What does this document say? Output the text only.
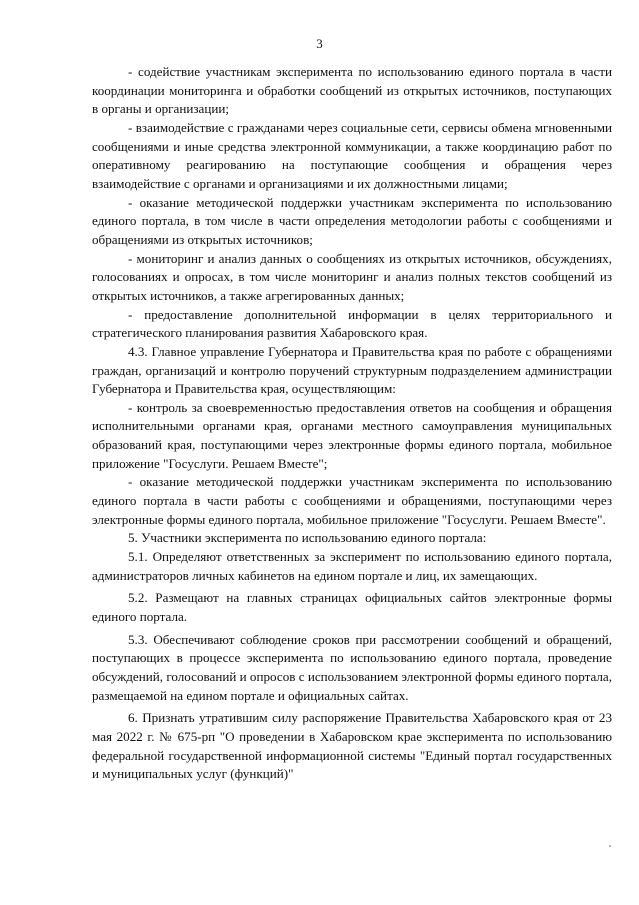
3

- содействие участникам эксперимента по использованию единого портала в части координации мониторинга и обработки сообщений из открытых источников, поступающих в органы и организации;

- взаимодействие с гражданами через социальные сети, сервисы обмена мгновенными сообщениями и иные средства электронной коммуникации, а также координацию работ по оперативному реагированию на поступающие сообщения и обращения через взаимодействие с органами и организациями и их должностными лицами;

- оказание методической поддержки участникам эксперимента по использованию единого портала, в том числе в части определения методологии работы с сообщениями и обращениями из открытых источников;

- мониторинг и анализ данных о сообщениях из открытых источников, обсуждениях, голосованиях и опросах, в том числе мониторинг и анализ полных текстов сообщений из открытых источников, а также агрегированных данных;

- предоставление дополнительной информации в целях территориального и стратегического планирования развития Хабаровского края.

4.3. Главное управление Губернатора и Правительства края по работе с обращениями граждан, организаций и контролю поручений структурным подразделением администрации Губернатора и Правительства края, осуществляющим:

- контроль за своевременностью предоставления ответов на сообщения и обращения исполнительными органами края, органами местного самоуправления муниципальных образований края, поступающими через электронные формы единого портала, мобильное приложение "Госуслуги. Решаем Вместе";

- оказание методической поддержки участникам эксперимента по использованию единого портала в части работы с сообщениями и обращениями, поступающими через электронные формы единого портала, мобильное приложение "Госуслуги. Решаем Вместе".

5. Участники эксперимента по использованию единого портала:

5.1. Определяют ответственных за эксперимент по использованию единого портала, администраторов личных кабинетов на едином портале и лиц, их замещающих.

5.2. Размещают на главных страницах официальных сайтов электронные формы единого портала.

5.3. Обеспечивают соблюдение сроков при рассмотрении сообщений и обращений, поступающих в процессе эксперимента по использованию единого портала, проведение обсуждений, голосований и опросов с использованием электронной формы единого портала, размещаемой на едином портале и официальных сайтах.

6. Признать утратившим силу распоряжение Правительства Хабаровского края от 23 мая 2022 г. № 675-рп "О проведении в Хабаровском крае эксперимента по использованию федеральной государственной информационной системы "Единый портал государственных и муниципальных услуг (функций)"
